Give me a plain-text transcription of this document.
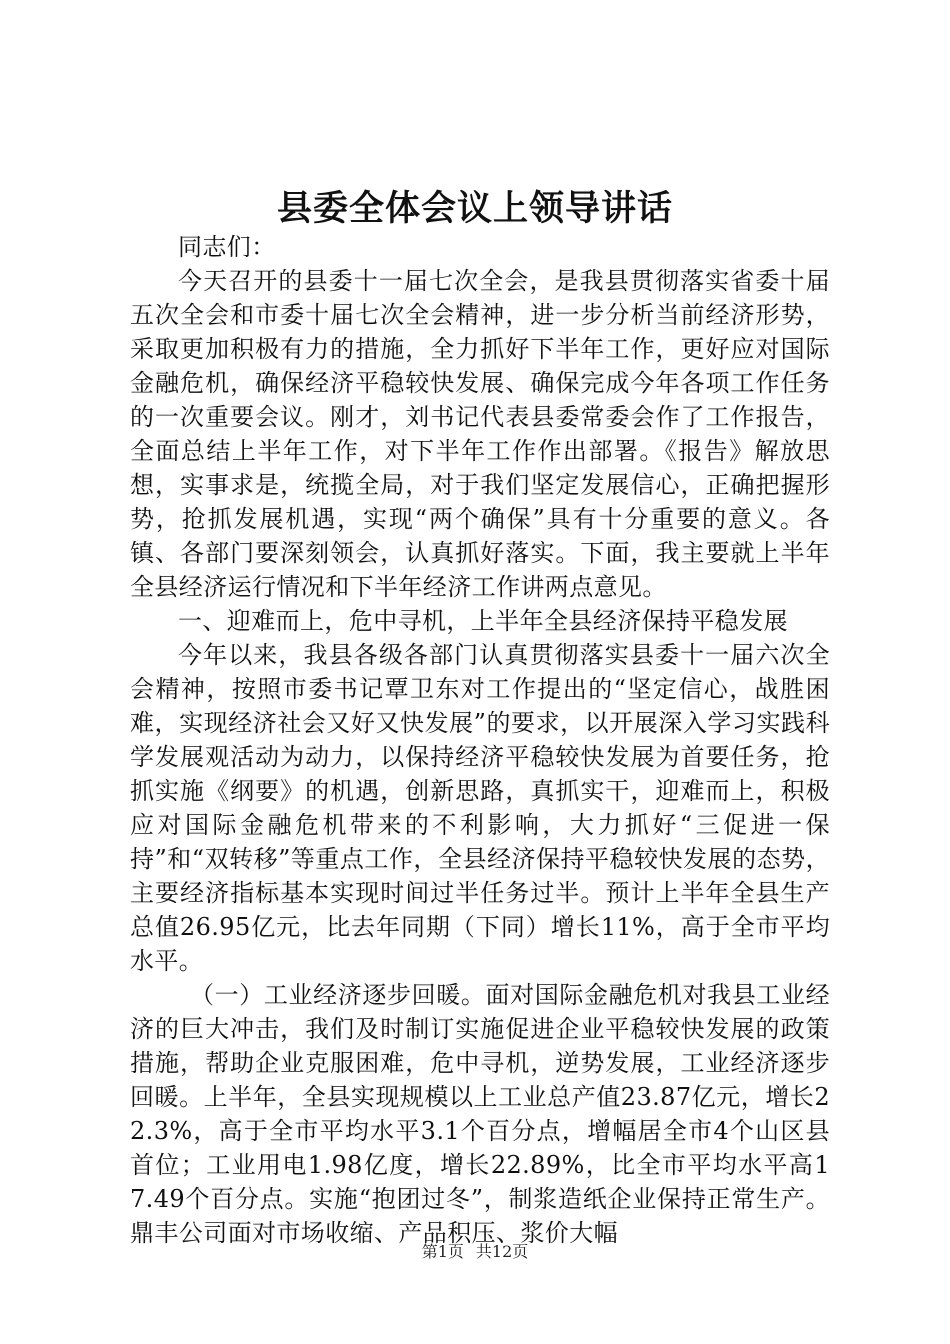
县委全体会议上领导讲话

同志们：

今天召开的县委十一届七次全会，是我县贯彻落实省委十届五次全会和市委十届七次全会精神，进一步分析当前经济形势，采取更加积极有力的措施，全力抓好下半年工作，更好应对国际金融危机，确保经济平稳较快发展、确保完成今年各项工作任务的一次重要会议。刚才，刘书记代表县委常委会作了工作报告，全面总结上半年工作，对下半年工作作出部署。《报告》解放思想，实事求是，统揽全局，对于我们坚定发展信心，正确把握形势，抢抓发展机遇，实现“两个确保”具有十分重要的意义。各镇、各部门要深刻领会，认真抓好落实。下面，我主要就上半年全县经济运行情况和下半年经济工作讲两点意见。

一、迎难而上，危中寻机，上半年全县经济保持平稳发展

今年以来，我县各级各部门认真贯彻落实县委十一届六次全会精神，按照市委书记覃卫东对工作提出的“坚定信心，战胜困难，实现经济社会又好又快发展”的要求，以开展深入学习实践科学发展观活动为动力，以保持经济平稳较快发展为首要任务，抢抓实施《纲要》的机遇，创新思路，真抓实干，迎难而上，积极应对国际金融危机带来的不利影响，大力抓好“三促进一保持”和“双转移”等重点工作，全县经济保持平稳较快发展的态势，主要经济指标基本实现时间过半任务过半。预计上半年全县生产总值26.95亿元，比去年同期（下同）增长11%，高于全市平均水平。

（一）工业经济逐步回暖。面对国际金融危机对我县工业经济的巨大冲击，我们及时制订实施促进企业平稳较快发展的政策措施，帮助企业克服困难，危中寻机，逆势发展，工业经济逐步回暖。上半年，全县实现规模以上工业总产值23.87亿元，增长22.3%，高于全市平均水平3.1个百分点，增幅居全市4个山区县首位；工业用电1.98亿度，增长22.89%，比全市平均水平高17.49个百分点。实施“抱团过冬”，制浆造纸企业保持正常生产。鼎丰公司面对市场收缩、产品积压、浆价大幅

第1页 共12页
